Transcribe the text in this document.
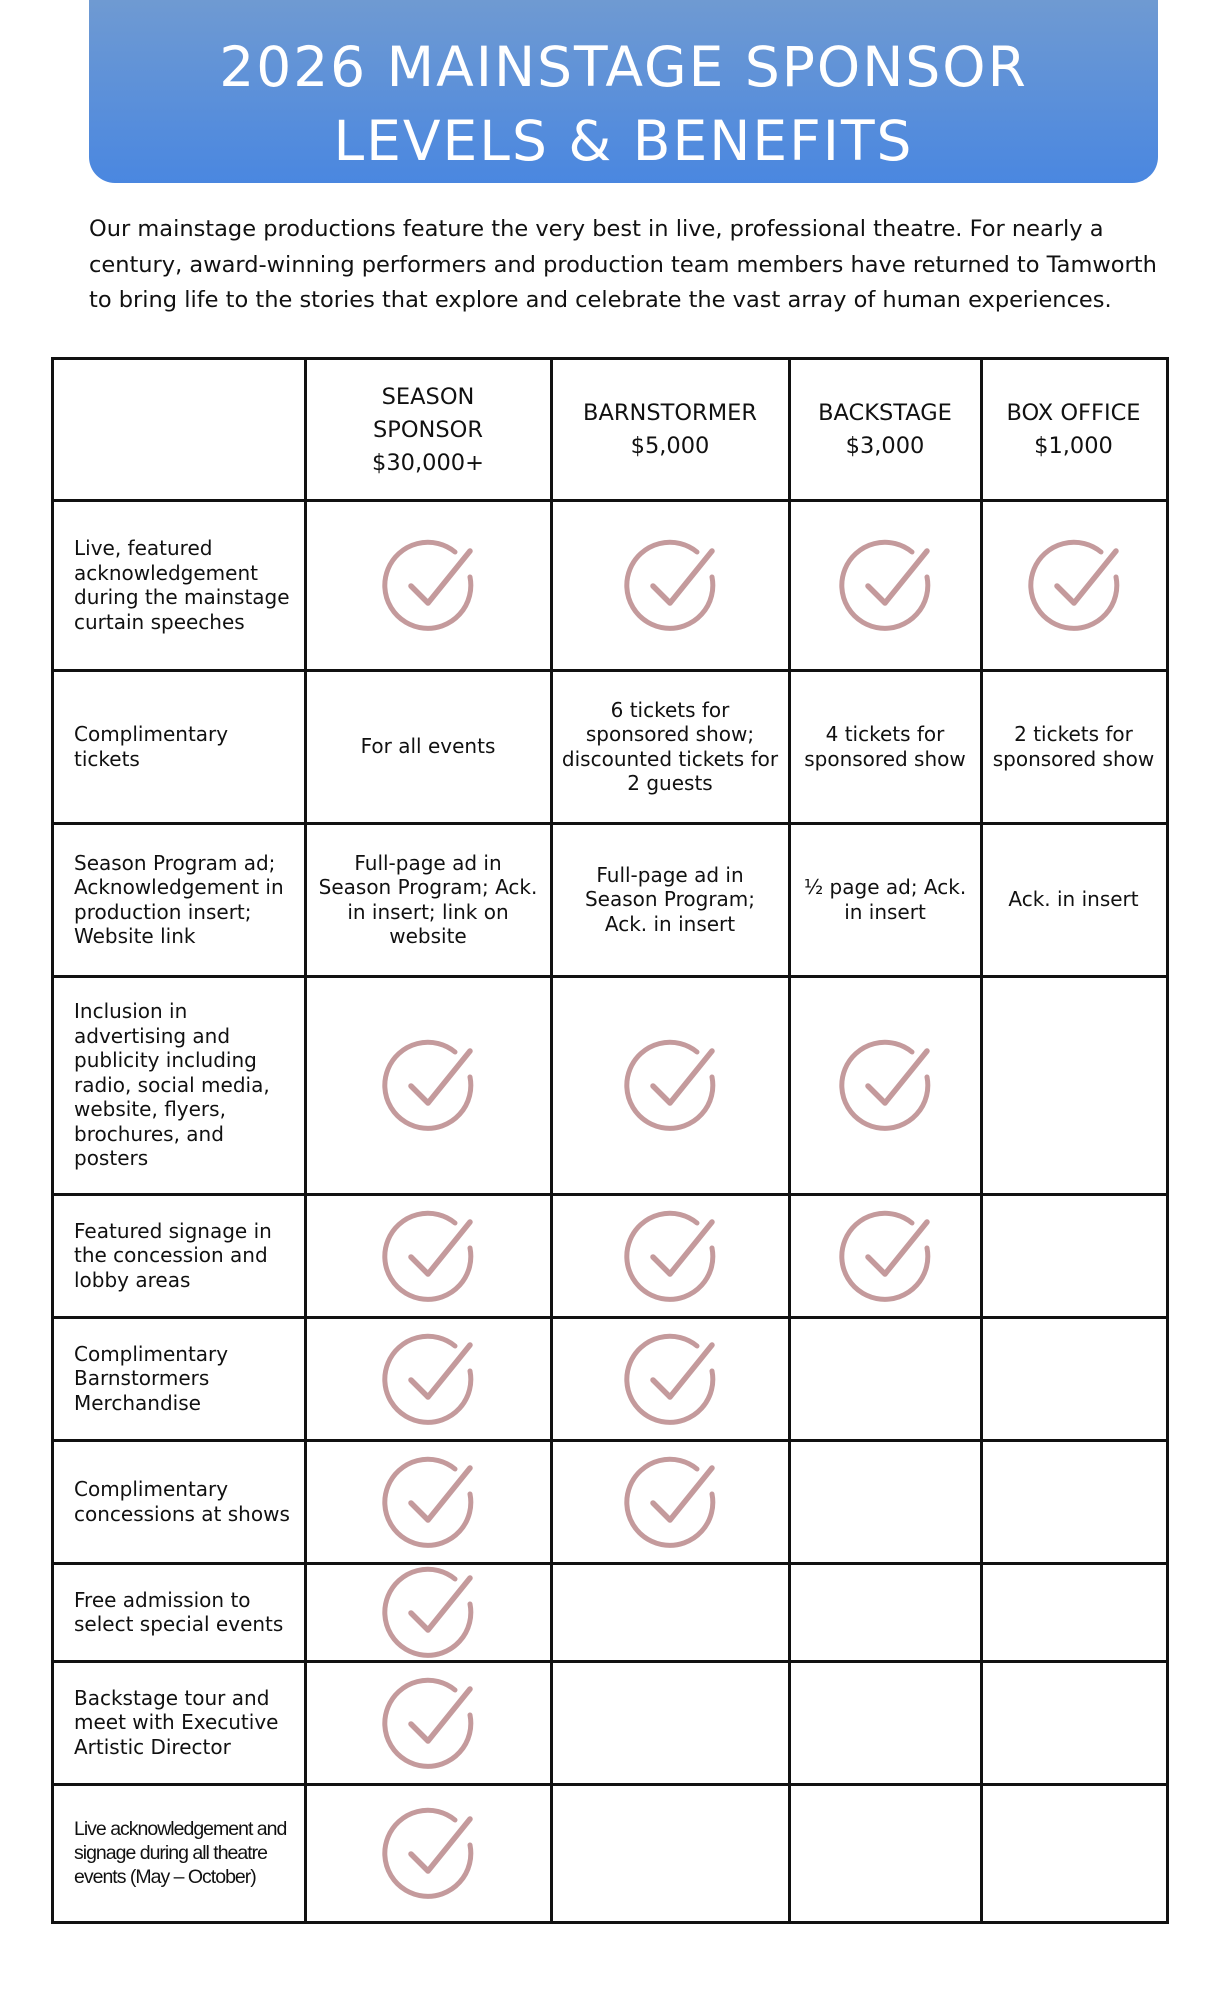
2026 MAINSTAGE SPONSOR
LEVELS & BENEFITS

Our mainstage productions feature the very best in live, professional theatre. For nearly a century, award-winning performers and production team members have returned to Tamworth to bring life to the stories that explore and celebrate the vast array of human experiences.

SEASON SPONSOR
$30,000+
BARNSTORMER
$5,000
BACKSTAGE
$3,000
BOX OFFICE
$1,000
Live, featured acknowledgement during the mainstage curtain speeches
Complimentary tickets
For all events
6 tickets for sponsored show; discounted tickets for 2 guests
4 tickets for sponsored show
2 tickets for sponsored show
Season Program ad; Acknowledgement in production insert; Website link
Full-page ad in Season Program; Ack. in insert; link on website
Full-page ad in Season Program; Ack. in insert
½ page ad; Ack. in insert
Ack. in insert
Inclusion in advertising and publicity including radio, social media, website, flyers, brochures, and posters
Featured signage in the concession and lobby areas
Complimentary Barnstormers Merchandise
Complimentary concessions at shows
Free admission to select special events
Backstage tour and meet with Executive Artistic Director
Live acknowledgement and signage during all theatre events (May – October)
